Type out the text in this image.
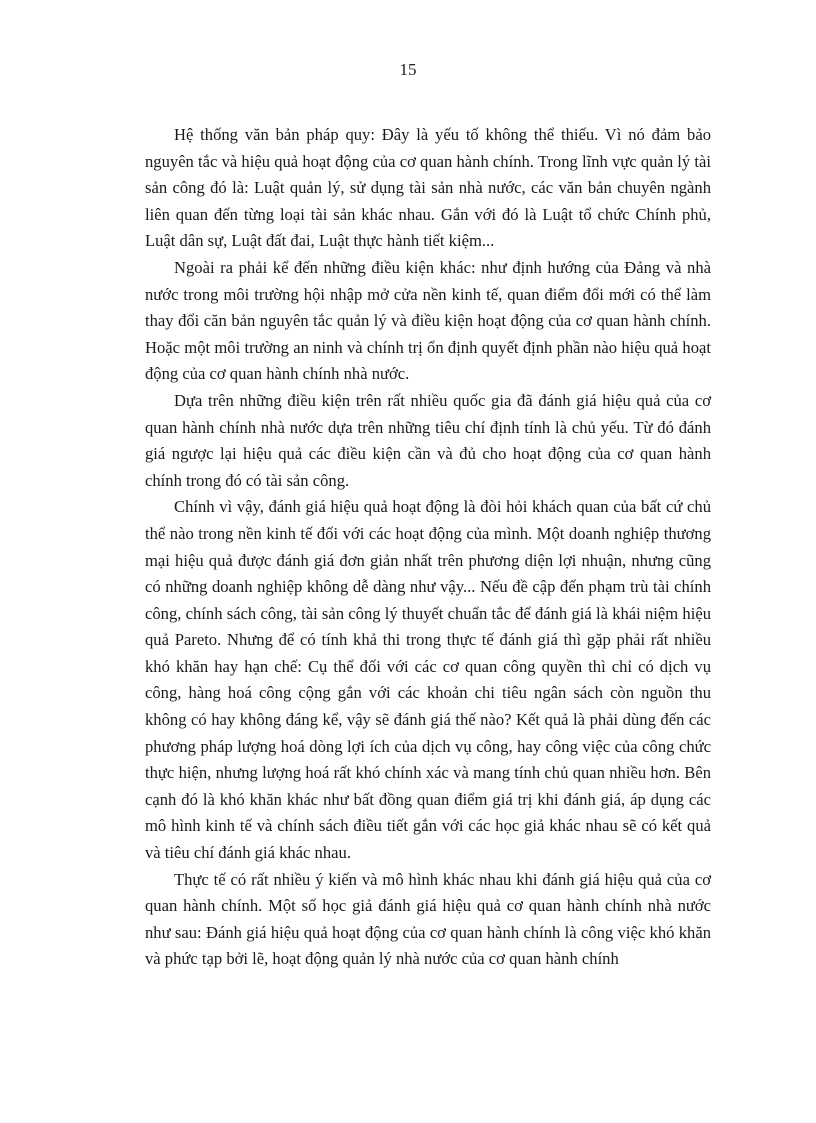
15

Hệ thống văn bản pháp quy: Đây là yếu tố không thể thiếu. Vì nó đảm bảo nguyên tắc và hiệu quả hoạt động của cơ quan hành chính. Trong lĩnh vực quản lý tài sản công đó là: Luật quản lý, sử dụng tài sản nhà nước, các văn bản chuyên ngành liên quan đến từng loại tài sản khác nhau. Gắn với đó là Luật tổ chức Chính phủ, Luật dân sự, Luật đất đai, Luật thực hành tiết kiệm...

Ngoài ra phải kể đến những điều kiện khác: như định hướng của Đảng và nhà nước trong môi trường hội nhập mở cửa nền kinh tế, quan điểm đổi mới có thể làm thay đổi căn bản nguyên tắc quản lý và điều kiện hoạt động của cơ quan hành chính. Hoặc một môi trường an ninh và chính trị ổn định quyết định phần nào hiệu quả hoạt động của cơ quan hành chính nhà nước.

Dựa trên những điều kiện trên rất nhiều quốc gia đã đánh giá hiệu quả của cơ quan hành chính nhà nước dựa trên những tiêu chí định tính là chủ yếu. Từ đó đánh giá ngược lại hiệu quả các điều kiện cần và đủ cho hoạt động của cơ quan hành chính trong đó có tài sản công.

Chính vì vậy, đánh giá hiệu quả hoạt động là đòi hỏi khách quan của bất cứ chủ thể nào trong nền kinh tế đối với các hoạt động của mình. Một doanh nghiệp thương mại hiệu quả được đánh giá đơn giản nhất trên phương diện lợi nhuận, nhưng cũng có những doanh nghiệp không dễ dàng như vậy... Nếu đề cập đến phạm trù tài chính công, chính sách công, tài sản công lý thuyết chuẩn tắc để đánh giá là khái niệm hiệu quả Pareto. Nhưng để có tính khả thi trong thực tế đánh giá thì gặp phải rất nhiều khó khăn hay hạn chế: Cụ thể đối với các cơ quan công quyền thì chỉ có dịch vụ công, hàng hoá công cộng gắn với các khoản chi tiêu ngân sách còn nguồn thu không có hay không đáng kể, vậy sẽ đánh giá thế nào? Kết quả là phải dùng đến các phương pháp lượng hoá dòng lợi ích của dịch vụ công, hay công việc của công chức thực hiện, nhưng lượng hoá rất khó chính xác và mang tính chủ quan nhiều hơn. Bên cạnh đó là khó khăn khác như bất đồng quan điểm giá trị khi đánh giá, áp dụng các mô hình kinh tế và chính sách điều tiết gắn với các học giả khác nhau sẽ có kết quả và tiêu chí đánh giá khác nhau.

Thực tế có rất nhiều ý kiến và mô hình khác nhau khi đánh giá hiệu quả của cơ quan hành chính. Một số học giả đánh giá hiệu quả cơ quan hành chính nhà nước như sau: Đánh giá hiệu quả hoạt động của cơ quan hành chính là công việc khó khăn và phức tạp bởi lẽ, hoạt động quản lý nhà nước của cơ quan hành chính
